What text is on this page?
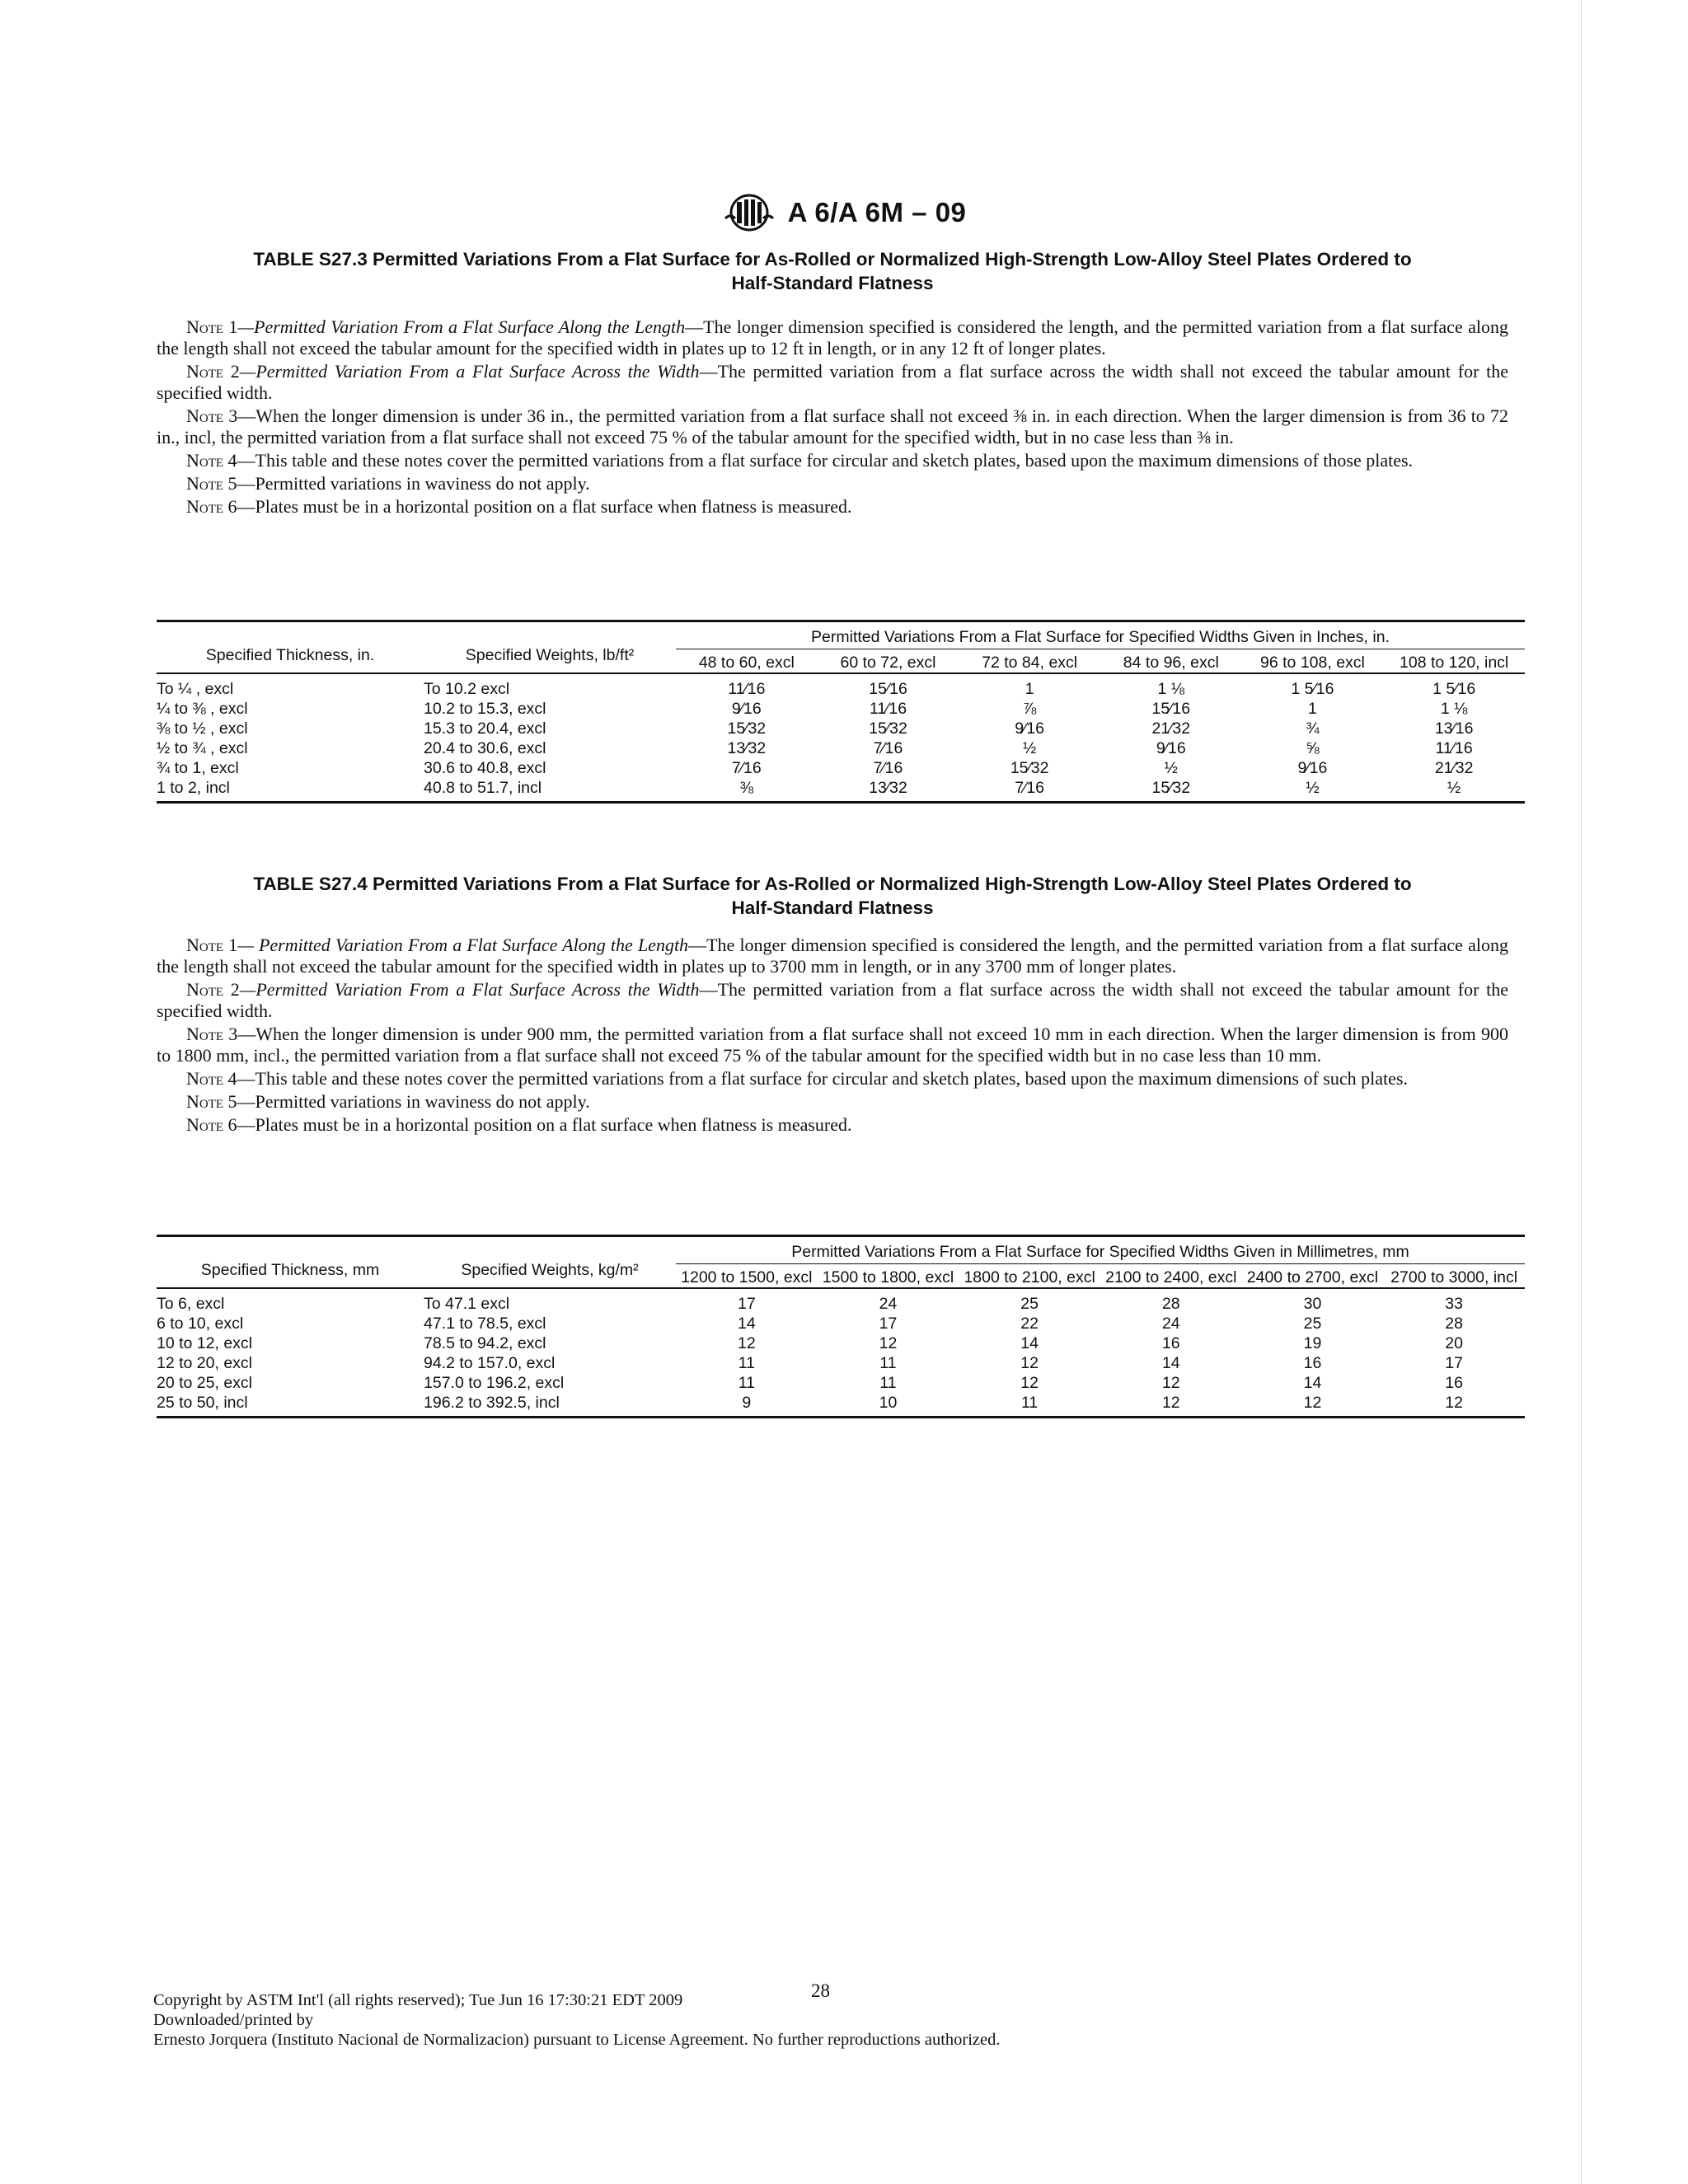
A 6/A 6M – 09
TABLE S27.3 Permitted Variations From a Flat Surface for As-Rolled or Normalized High-Strength Low-Alloy Steel Plates Ordered to
Half-Standard Flatness

Note 1—Permitted Variation From a Flat Surface Along the Length—The longer dimension specified is considered the length, and the permitted variation from a flat surface along the length shall not exceed the tabular amount for the specified width in plates up to 12 ft in length, or in any 12 ft of longer plates.

Note 2—Permitted Variation From a Flat Surface Across the Width—The permitted variation from a flat surface across the width shall not exceed the tabular amount for the specified width.

Note 3—When the longer dimension is under 36 in., the permitted variation from a flat surface shall not exceed ⅜ in. in each direction. When the larger dimension is from 36 to 72 in., incl, the permitted variation from a flat surface shall not exceed 75 % of the tabular amount for the specified width, but in no case less than ⅜ in.

Note 4—This table and these notes cover the permitted variations from a flat surface for circular and sketch plates, based upon the maximum dimensions of those plates.

Note 5—Permitted variations in waviness do not apply.

Note 6—Plates must be in a horizontal position on a flat surface when flatness is measured.

Specified Thickness, in.	Specified Weights, lb/ft²	Permitted Variations From a Flat Surface for Specified Widths Given in Inches, in.					
		48 to 60, excl	60 to 72, excl	72 to 84, excl	84 to 96, excl	96 to 108, excl	108 to 120, incl
To ¼ , excl	To 10.2 excl	11⁄16	15⁄16	1	1 ⅛	1 5⁄16	1 5⁄16
¼ to ⅜ , excl	10.2 to 15.3, excl	9⁄16	11⁄16	⅞	15⁄16	1	1 ⅛
⅜ to ½ , excl	15.3 to 20.4, excl	15⁄32	15⁄32	9⁄16	21⁄32	¾	13⁄16
½ to ¾ , excl	20.4 to 30.6, excl	13⁄32	7⁄16	½	9⁄16	⅝	11⁄16
¾ to 1, excl	30.6 to 40.8, excl	7⁄16	7⁄16	15⁄32	½	9⁄16	21⁄32
1 to 2, incl	40.8 to 51.7, incl	⅜	13⁄32	7⁄16	15⁄32	½	½
TABLE S27.4 Permitted Variations From a Flat Surface for As-Rolled or Normalized High-Strength Low-Alloy Steel Plates Ordered to
Half-Standard Flatness

Note 1— Permitted Variation From a Flat Surface Along the Length—The longer dimension specified is considered the length, and the permitted variation from a flat surface along the length shall not exceed the tabular amount for the specified width in plates up to 3700 mm in length, or in any 3700 mm of longer plates.

Note 2—Permitted Variation From a Flat Surface Across the Width—The permitted variation from a flat surface across the width shall not exceed the tabular amount for the specified width.

Note 3—When the longer dimension is under 900 mm, the permitted variation from a flat surface shall not exceed 10 mm in each direction. When the larger dimension is from 900 to 1800 mm, incl., the permitted variation from a flat surface shall not exceed 75 % of the tabular amount for the specified width but in no case less than 10 mm.

Note 4—This table and these notes cover the permitted variations from a flat surface for circular and sketch plates, based upon the maximum dimensions of such plates.

Note 5—Permitted variations in waviness do not apply.

Note 6—Plates must be in a horizontal position on a flat surface when flatness is measured.

Specified Thickness, mm	Specified Weights, kg/m²	Permitted Variations From a Flat Surface for Specified Widths Given in Millimetres, mm					
		1200 to 1500, excl	1500 to 1800, excl	1800 to 2100, excl	2100 to 2400, excl	2400 to 2700, excl	2700 to 3000, incl
To 6, excl	To 47.1 excl	17	24	25	28	30	33
6 to 10, excl	47.1 to 78.5, excl	14	17	22	24	25	28
10 to 12, excl	78.5 to 94.2, excl	12	12	14	16	19	20
12 to 20, excl	94.2 to 157.0, excl	11	11	12	14	16	17
20 to 25, excl	157.0 to 196.2, excl	11	11	12	12	14	16
25 to 50, incl	196.2 to 392.5, incl	9	10	11	12	12	12
28
Copyright by ASTM Int'l (all rights reserved); Tue Jun 16 17:30:21 EDT 2009
Downloaded/printed by
Ernesto Jorquera (Instituto Nacional de Normalizacion) pursuant to License Agreement. No further reproductions authorized.
